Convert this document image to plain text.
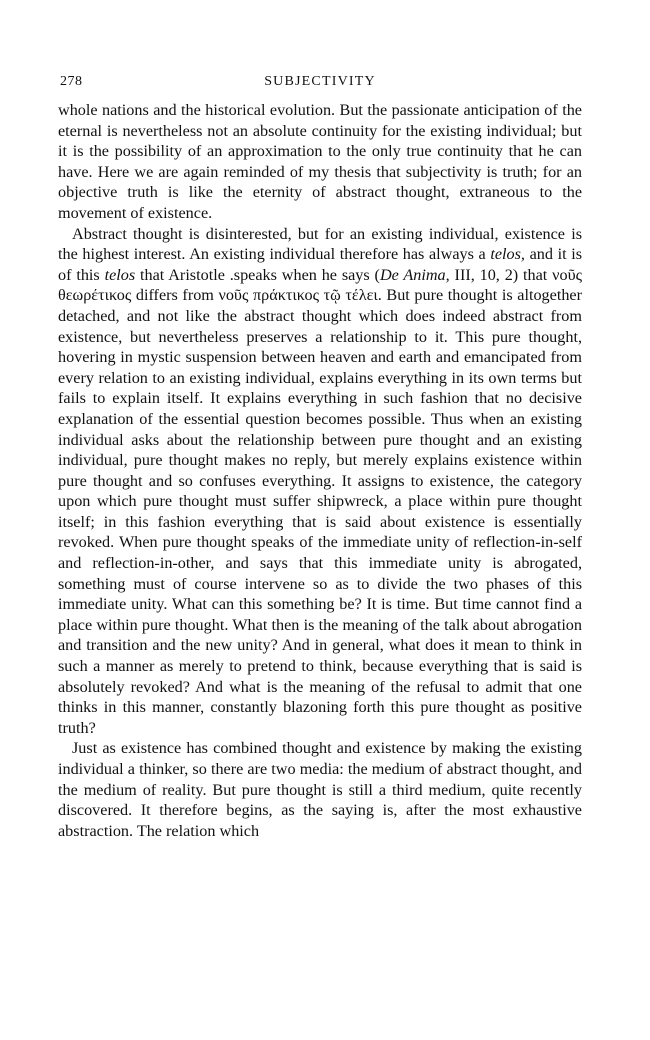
278	SUBJECTIVITY

whole nations and the historical evolution. But the passionate anticipation of the eternal is nevertheless not an absolute continuity for the existing individual; but it is the possibility of an approximation to the only true continuity that he can have. Here we are again reminded of my thesis that subjectivity is truth; for an objective truth is like the eternity of abstract thought, extraneous to the movement of existence.

Abstract thought is disinterested, but for an existing individual, existence is the highest interest. An existing individual therefore has always a telos, and it is of this telos that Aristotle .speaks when he says (De Anima, III, 10, 2) that νοῦς θεωρέτικος differs from νοῦς πράκτικος τῷ τέλει. But pure thought is altogether detached, and not like the abstract thought which does indeed abstract from existence, but nevertheless preserves a relationship to it. This pure thought, hovering in mystic suspension between heaven and earth and emancipated from every relation to an existing individual, explains everything in its own terms but fails to explain itself. It explains everything in such fashion that no decisive explanation of the essential question becomes possible. Thus when an existing individual asks about the relationship between pure thought and an existing individual, pure thought makes no reply, but merely explains existence within pure thought and so confuses everything. It assigns to existence, the category upon which pure thought must suffer shipwreck, a place within pure thought itself; in this fashion everything that is said about existence is essentially revoked. When pure thought speaks of the immediate unity of reflection-in-self and reflection-in-other, and says that this immediate unity is abrogated, something must of course intervene so as to divide the two phases of this immediate unity. What can this something be? It is time. But time cannot find a place within pure thought. What then is the meaning of the talk about abrogation and transition and the new unity? And in general, what does it mean to think in such a manner as merely to pretend to think, because everything that is said is absolutely revoked? And what is the meaning of the refusal to admit that one thinks in this manner, constantly blazoning forth this pure thought as positive truth?

Just as existence has combined thought and existence by making the existing individual a thinker, so there are two media: the medium of abstract thought, and the medium of reality. But pure thought is still a third medium, quite recently discovered. It therefore begins, as the saying is, after the most exhaustive abstraction. The relation which
